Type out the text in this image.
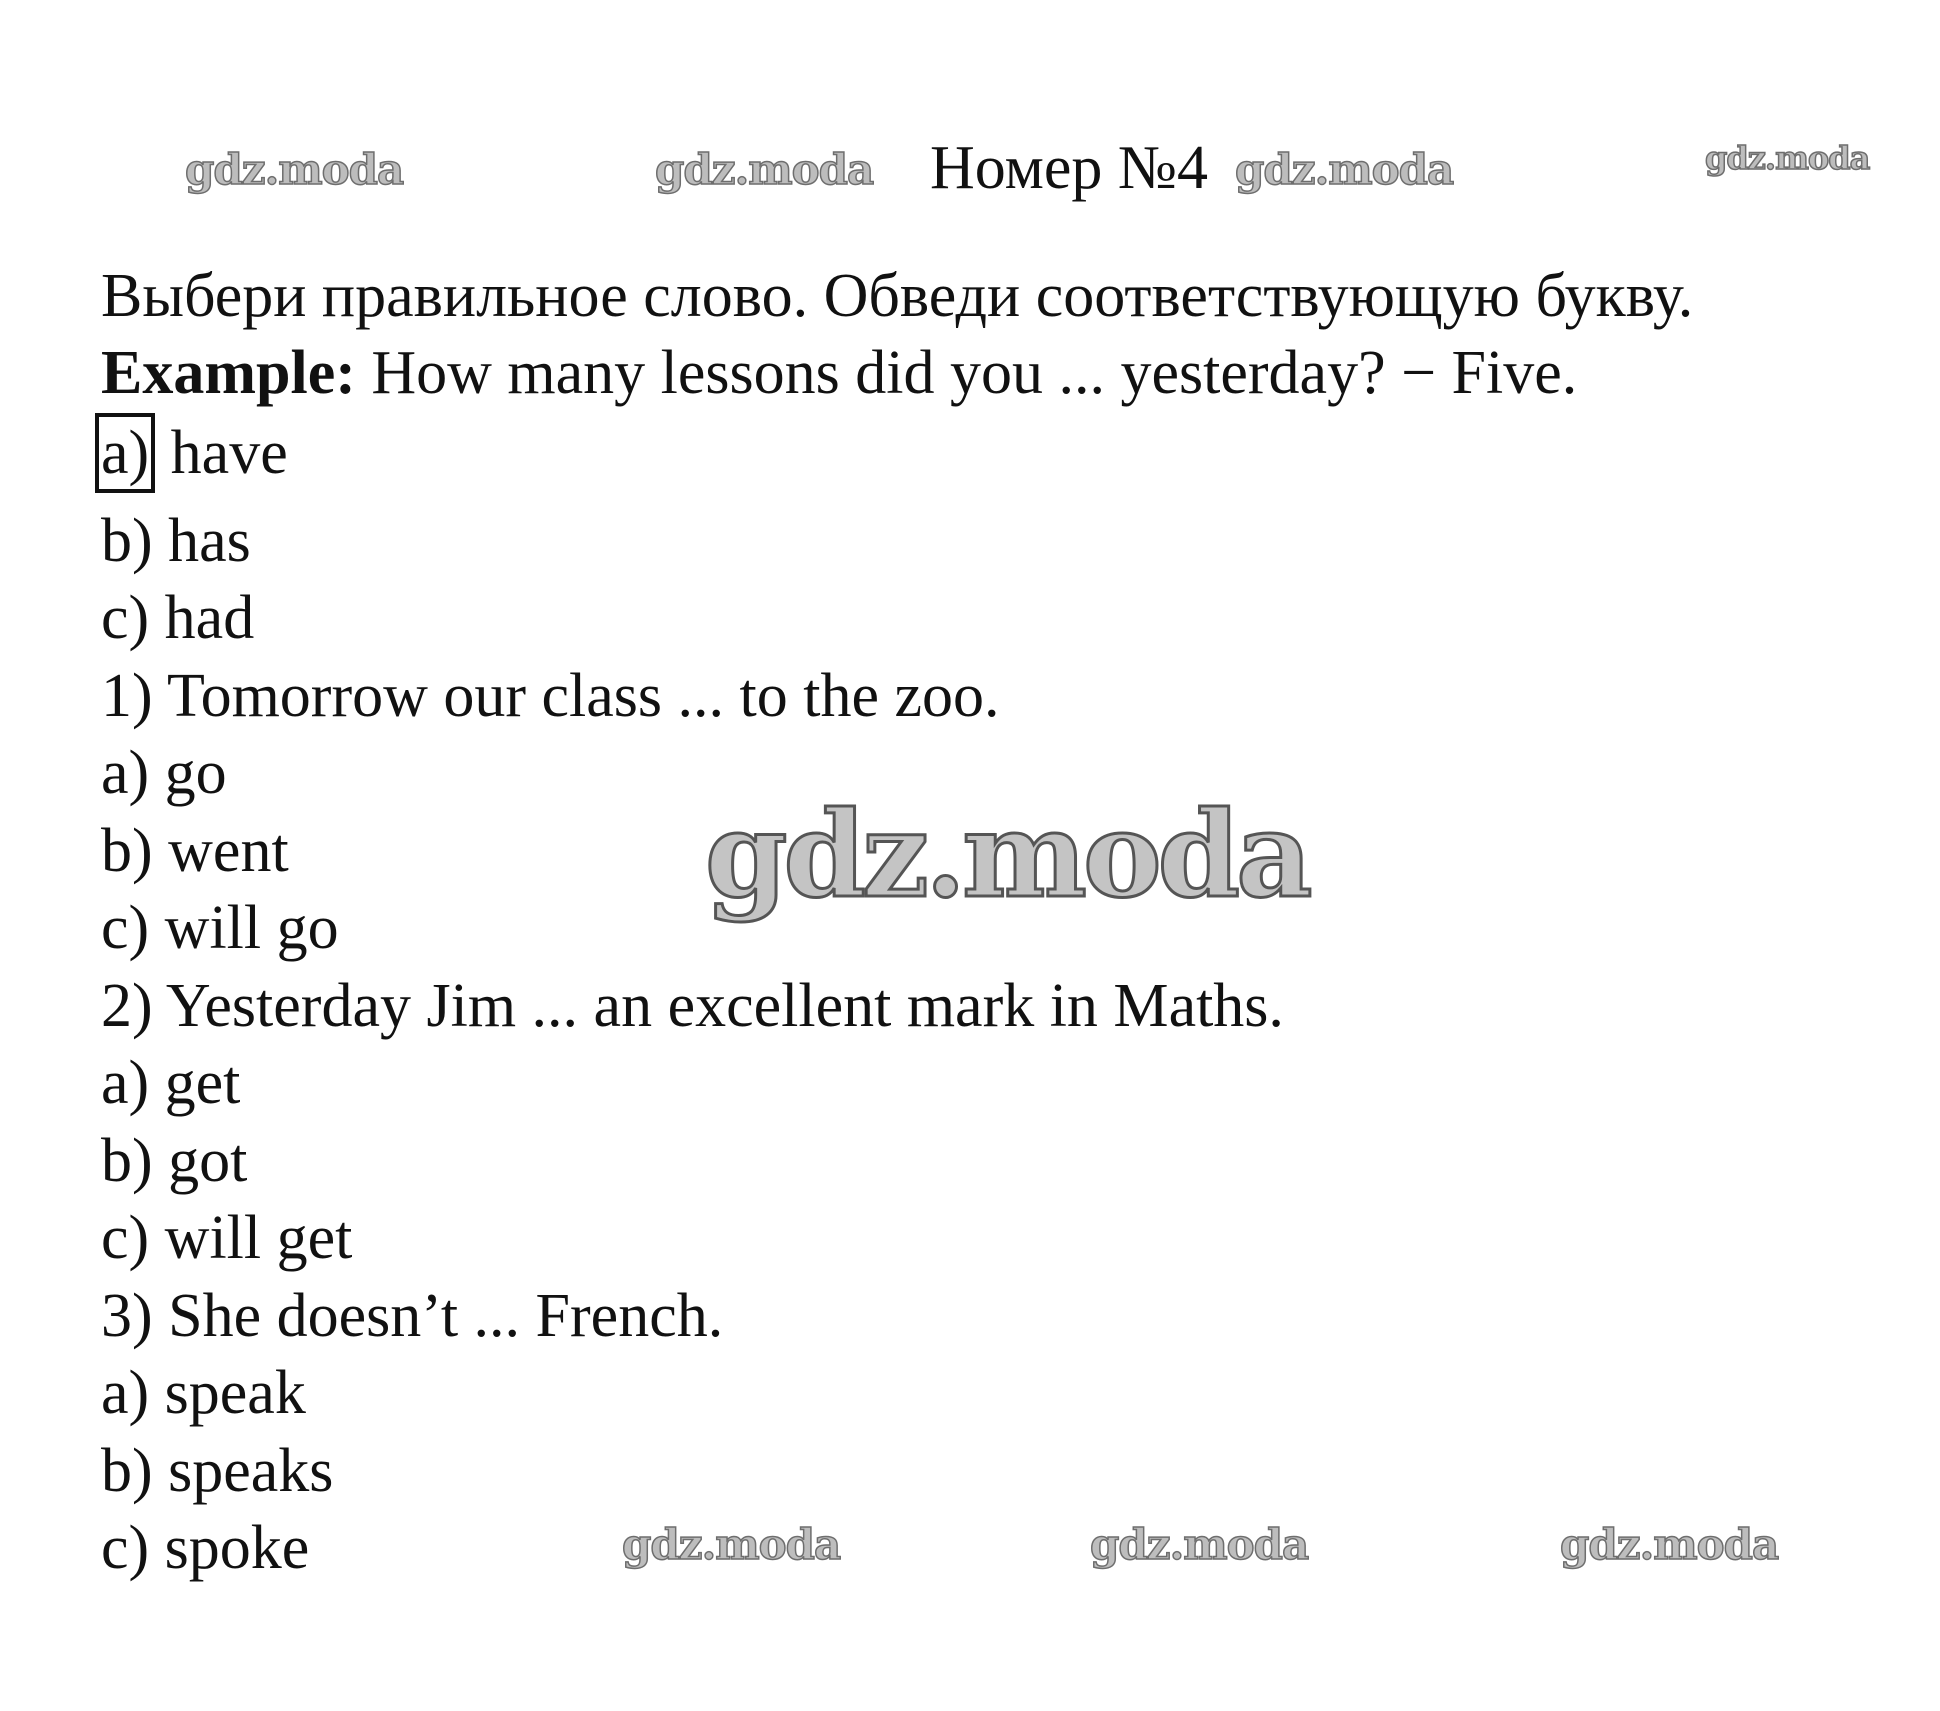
Номер №4
Выбери правильное слово. Обведи соответствующую букву.
Example: How many lessons did you ... yesterday? − Five.
a) have
b) has
c) had
1) Tomorrow our class ... to the zoo.
a) go
b) went
c) will go
2) Yesterday Jim ... an excellent mark in Maths.
a) get
b) got
c) will get
3) She doesn’t ... French.
a) speak
b) speaks
c) spoke
gdz.moda	gdz.moda	gdz.moda	gdz.moda
gdz.moda
gdz.moda	gdz.moda	gdz.moda
